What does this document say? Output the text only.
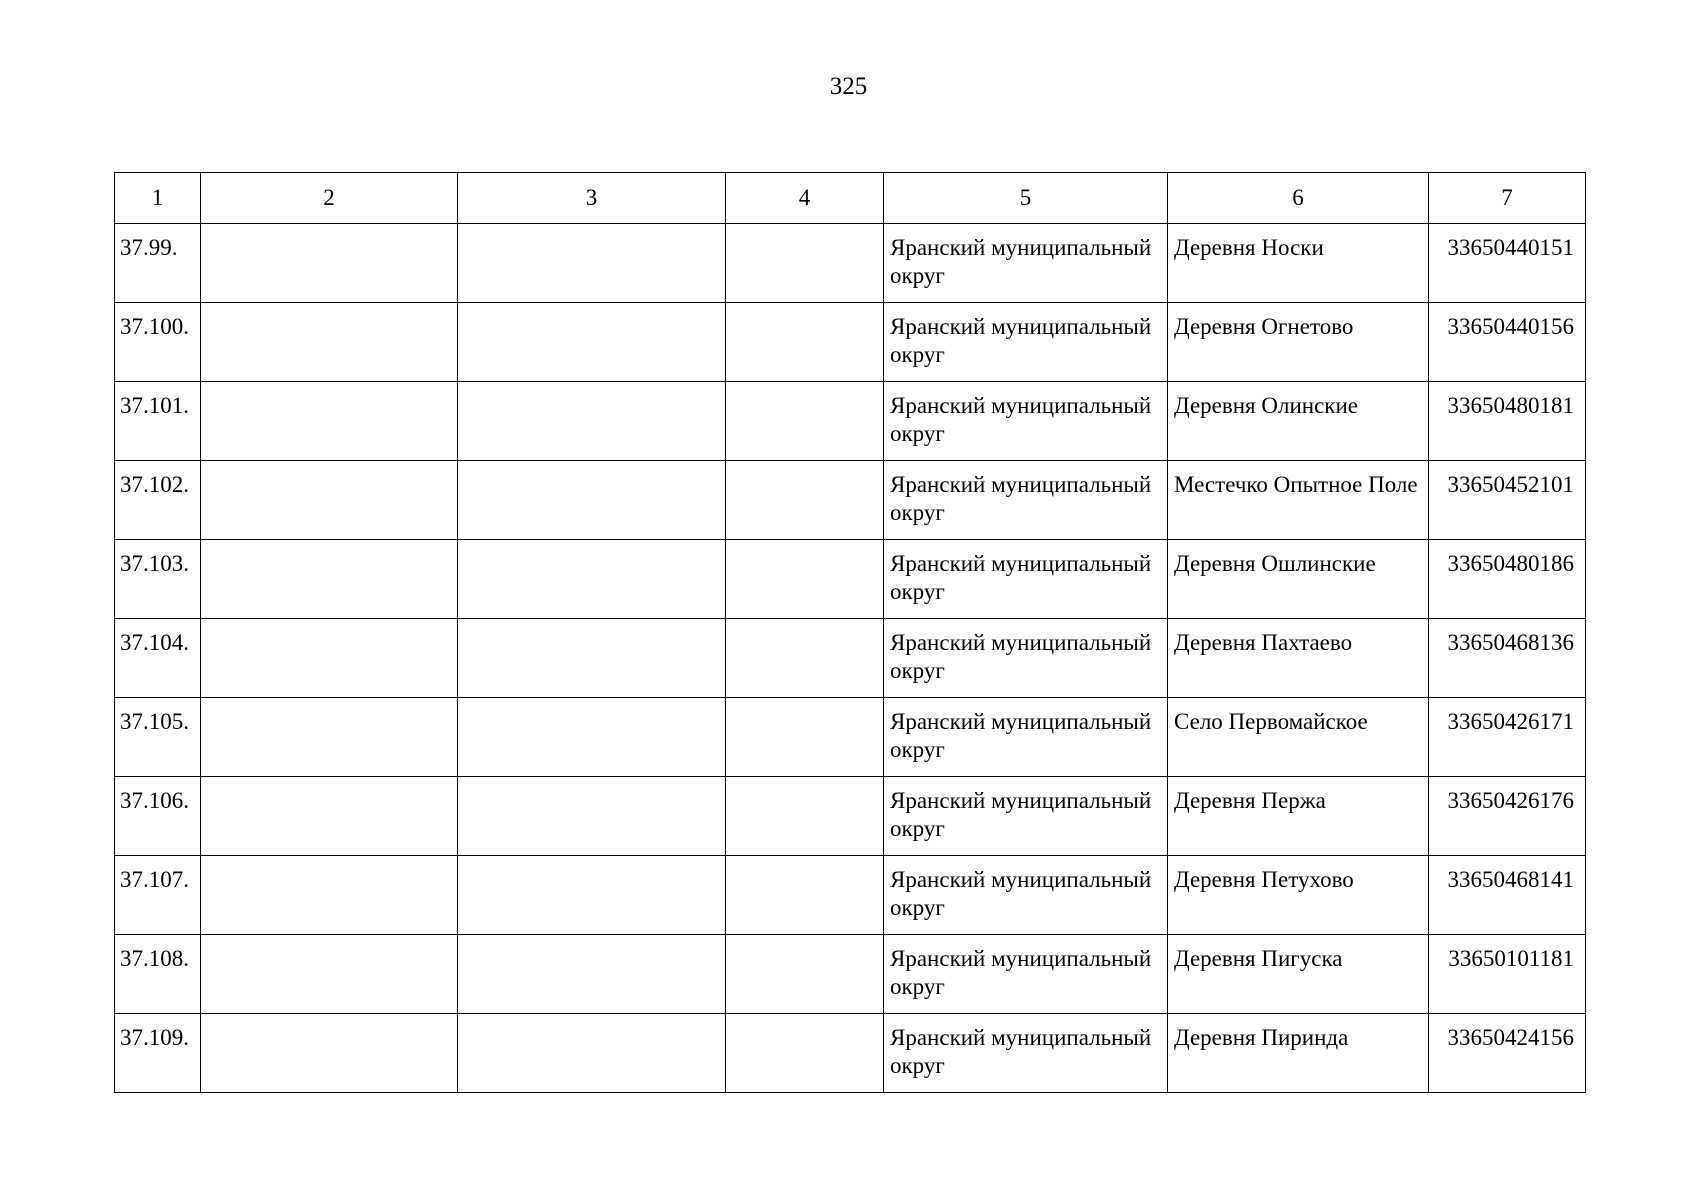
325
1	2	3	4	5	6	7
37.99.				Яранский муниципальный округ	Деревня Носки	33650440151
37.100.				Яранский муниципальный округ	Деревня Огнетово	33650440156
37.101.				Яранский муниципальный округ	Деревня Олинские	33650480181
37.102.				Яранский муниципальный округ	Местечко Опытное Поле	33650452101
37.103.				Яранский муниципальный округ	Деревня Ошлинские	33650480186
37.104.				Яранский муниципальный округ	Деревня Пахтаево	33650468136
37.105.				Яранский муниципальный округ	Село Первомайское	33650426171
37.106.				Яранский муниципальный округ	Деревня Пержа	33650426176
37.107.				Яранский муниципальный округ	Деревня Петухово	33650468141
37.108.				Яранский муниципальный округ	Деревня Пигуска	33650101181
37.109.				Яранский муниципальный округ	Деревня Пиринда	33650424156
